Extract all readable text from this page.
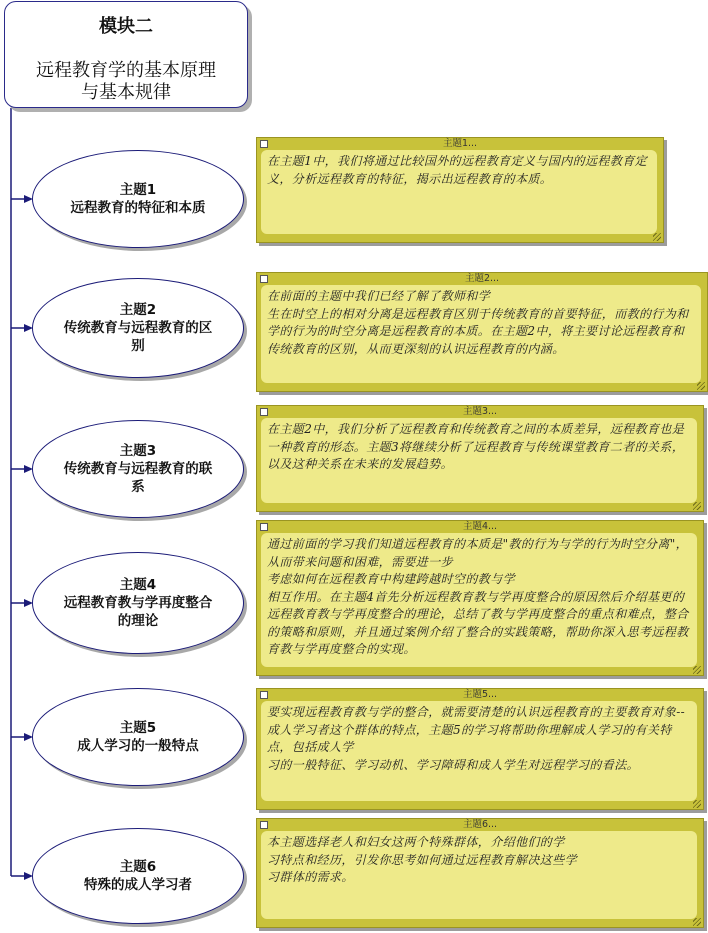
模块二
远程教育学的基本原理
与基本规律
主题1
远程教育的特征和本质
主题2
传统教育与远程教育的区别
主题3
传统教育与远程教育的联系
主题4
远程教育教与学再度整合的理论
主题5
成人学习的一般特点
主题6
特殊的成人学习者
主题1...
在主题1中，我们将通过比较国外的远程教育定义与国内的远程教育定义，分析远程教育的特征，揭示出远程教育的本质。
主题2...
在前面的主题中我们已经了解了教师和学
生在时空上的相对分离是远程教育区别于传统教育的首要特征，而教的行为和学的行为的时空分离是远程教育的本质。在主题2中，将主要讨论远程教育和传统教育的区别，从而更深刻的认识远程教育的内涵。
主题3...
在主题2中，我们分析了远程教育和传统教育之间的本质差异，远程教育也是一种教育的形态。主题3将继续分析了远程教育与传统课堂教育二者的关系，以及这种关系在未来的发展趋势。
主题4...
通过前面的学习我们知道远程教育的本质是"教的行为与学的行为时空分离"，从而带来问题和困难，需要进一步
考虑如何在远程教育中构建跨越时空的教与学
相互作用。在主题4首先分析远程教育教与学再度整合的原因然后介绍基更的远程教育教与学再度整合的理论，总结了教与学再度整合的重点和难点，整合的策略和原则，并且通过案例介绍了整合的实践策略，帮助你深入思考远程教育教与学再度整合的实现。
主题5...
要实现远程教育教与学的整合，就需要清楚的认识远程教育的主要教育对象--成人学习者这个群体的特点，主题5的学习将帮助你理解成人学习的有关特点，包括成人学
习的一般特征、学习动机、学习障碍和成人学生对远程学习的看法。
主题6...
本主题选择老人和妇女这两个特殊群体，介绍他们的学
习特点和经历，引发你思考如何通过远程教育解决这些学
习群体的需求。
